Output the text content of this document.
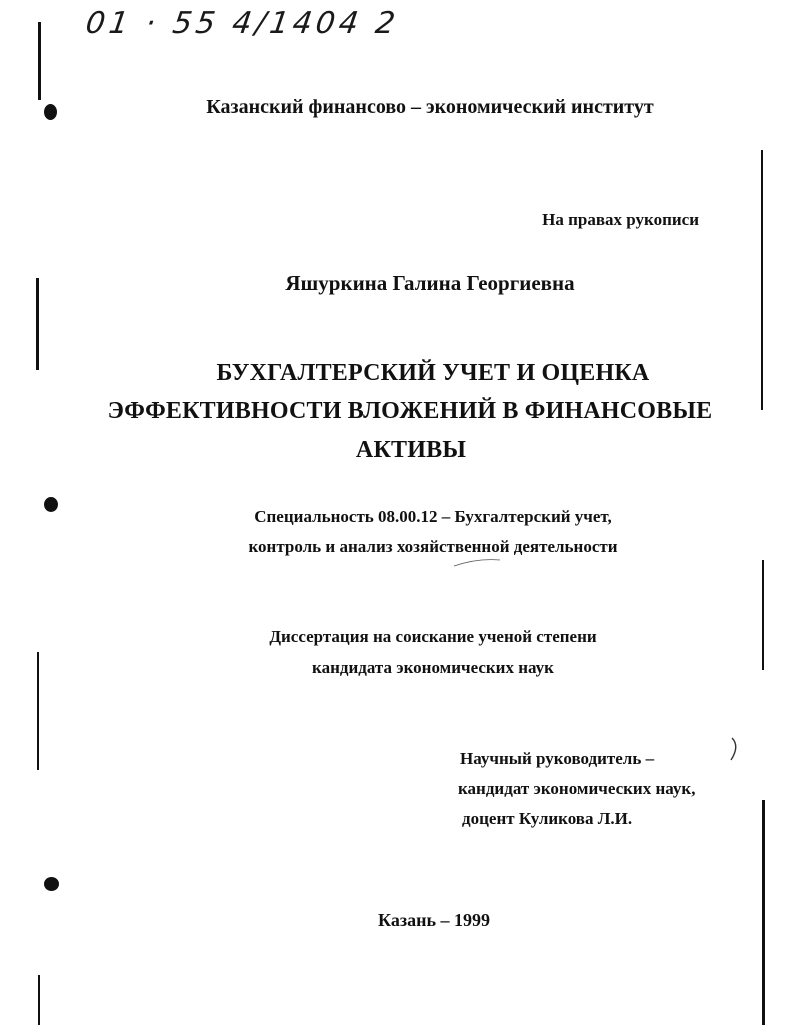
01 · 55 4/1404 2
Казанский финансово – экономический институт
На правах рукописи
Яшуркина Галина Георгиевна
БУХГАЛТЕРСКИЙ УЧЕТ И ОЦЕНКА
ЭФФЕКТИВНОСТИ ВЛОЖЕНИЙ В ФИНАНСОВЫЕ
АКТИВЫ
Специальность 08.00.12 – Бухгалтерский учет,
контроль и анализ хозяйственной деятельности
Диссертация на соискание ученой степени
кандидата экономических наук
Научный руководитель –
кандидат экономических наук,
доцент Куликова Л.И.
Казань – 1999
